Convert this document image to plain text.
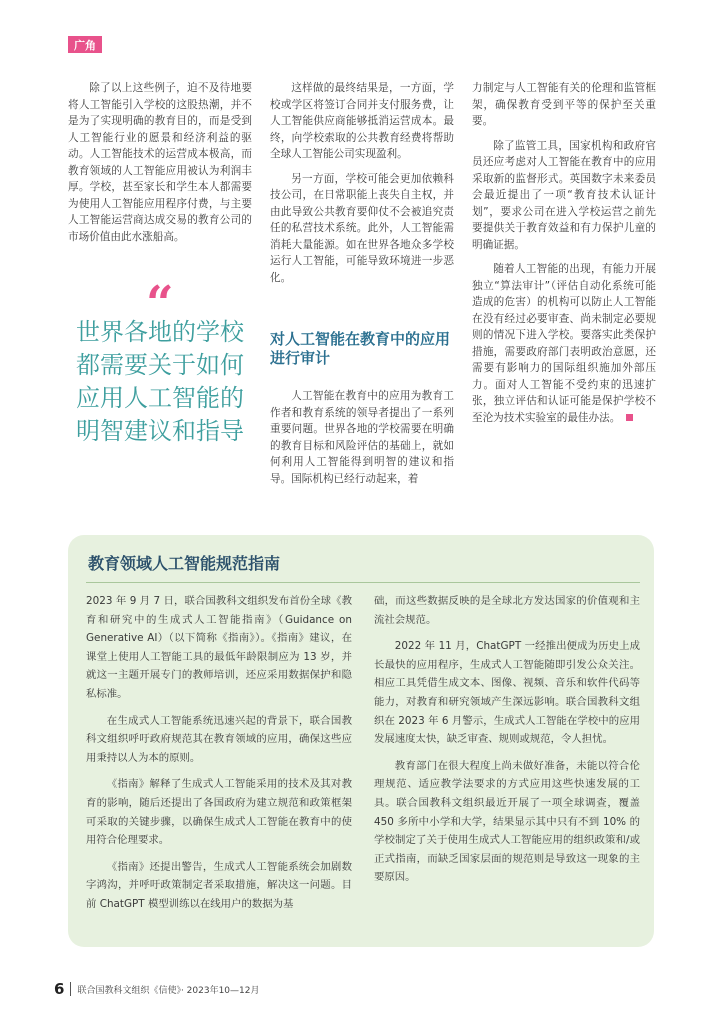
广角

除了以上这些例子，迫不及待地要将人工智能引入学校的这股热潮，并不是为了实现明确的教育目的，而是受到人工智能行业的愿景和经济利益的驱动。人工智能技术的运营成本极高，而教育领域的人工智能应用被认为利润丰厚。学校，甚至家长和学生本人都需要为使用人工智能应用程序付费，与主要人工智能运营商达成交易的教育公司的市场价值由此水涨船高。

“
世界各地的学校都需要关于如何应用人工智能的明智建议和指导

这样做的最终结果是，一方面，学校或学区将签订合同并支付服务费，让人工智能供应商能够抵消运营成本。最终，向学校索取的公共教育经费将帮助全球人工智能公司实现盈利。

另一方面，学校可能会更加依赖科技公司，在日常职能上丧失自主权，并由此导致公共教育要仰仗不会被追究责任的私营技术系统。此外，人工智能需消耗大量能源。如在世界各地众多学校运行人工智能，可能导致环境进一步恶化。

对人工智能在教育中的应用进行审计

人工智能在教育中的应用为教育工作者和教育系统的领导者提出了一系列重要问题。世界各地的学校需要在明确的教育目标和风险评估的基础上，就如何利用人工智能得到明智的建议和指导。国际机构已经行动起来，着

力制定与人工智能有关的伦理和监管框架，确保教育受到平等的保护至关重要。

除了监管工具，国家机构和政府官员还应考虑对人工智能在教育中的应用采取新的监督形式。英国数字未来委员会最近提出了一项“教育技术认证计划”，要求公司在进入学校运营之前先要提供关于教育效益和有力保护儿童的明确证据。

随着人工智能的出现，有能力开展独立“算法审计”（评估自动化系统可能造成的危害）的机构可以防止人工智能在没有经过必要审查、尚未制定必要规则的情况下进入学校。要落实此类保护措施，需要政府部门表明政治意愿，还需要有影响力的国际组织施加外部压力。面对人工智能不受约束的迅速扩张，独立评估和认证可能是保护学校不至沦为技术实验室的最佳办法。

教育领域人工智能规范指南

2023 年 9 月 7 日，联合国教科文组织发布首份全球《教育和研究中的生成式人工智能指南》（Guidance on Generative AI）（以下简称《指南》）。《指南》建议，在课堂上使用人工智能工具的最低年龄限制应为 13 岁，并就这一主题开展专门的教师培训，还应采用数据保护和隐私标准。

在生成式人工智能系统迅速兴起的背景下，联合国教科文组织呼吁政府规范其在教育领域的应用，确保这些应用秉持以人为本的原则。

《指南》解释了生成式人工智能采用的技术及其对教育的影响，随后还提出了各国政府为建立规范和政策框架可采取的关键步骤，以确保生成式人工智能在教育中的使用符合伦理要求。

《指南》还提出警告，生成式人工智能系统会加剧数字鸿沟，并呼吁政策制定者采取措施，解决这一问题。目前 ChatGPT 模型训练以在线用户的数据为基

础，而这些数据反映的是全球北方发达国家的价值观和主流社会规范。

2022 年 11 月，ChatGPT 一经推出便成为历史上成长最快的应用程序，生成式人工智能随即引发公众关注。相应工具凭借生成文本、图像、视频、音乐和软件代码等能力，对教育和研究领域产生深远影响。联合国教科文组织在 2023 年 6 月警示，生成式人工智能在学校中的应用发展速度太快，缺乏审查、规则或规范，令人担忧。

教育部门在很大程度上尚未做好准备，未能以符合伦理规范、适应教学法要求的方式应用这些快速发展的工具。联合国教科文组织最近开展了一项全球调查，覆盖 450 多所中小学和大学，结果显示其中只有不到 10% 的学校制定了关于使用生成式人工智能应用的组织政策和/或正式指南，而缺乏国家层面的规范则是导致这一现象的主要原因。

6 联合国教科文组织《信使》· 2023年10—12月
